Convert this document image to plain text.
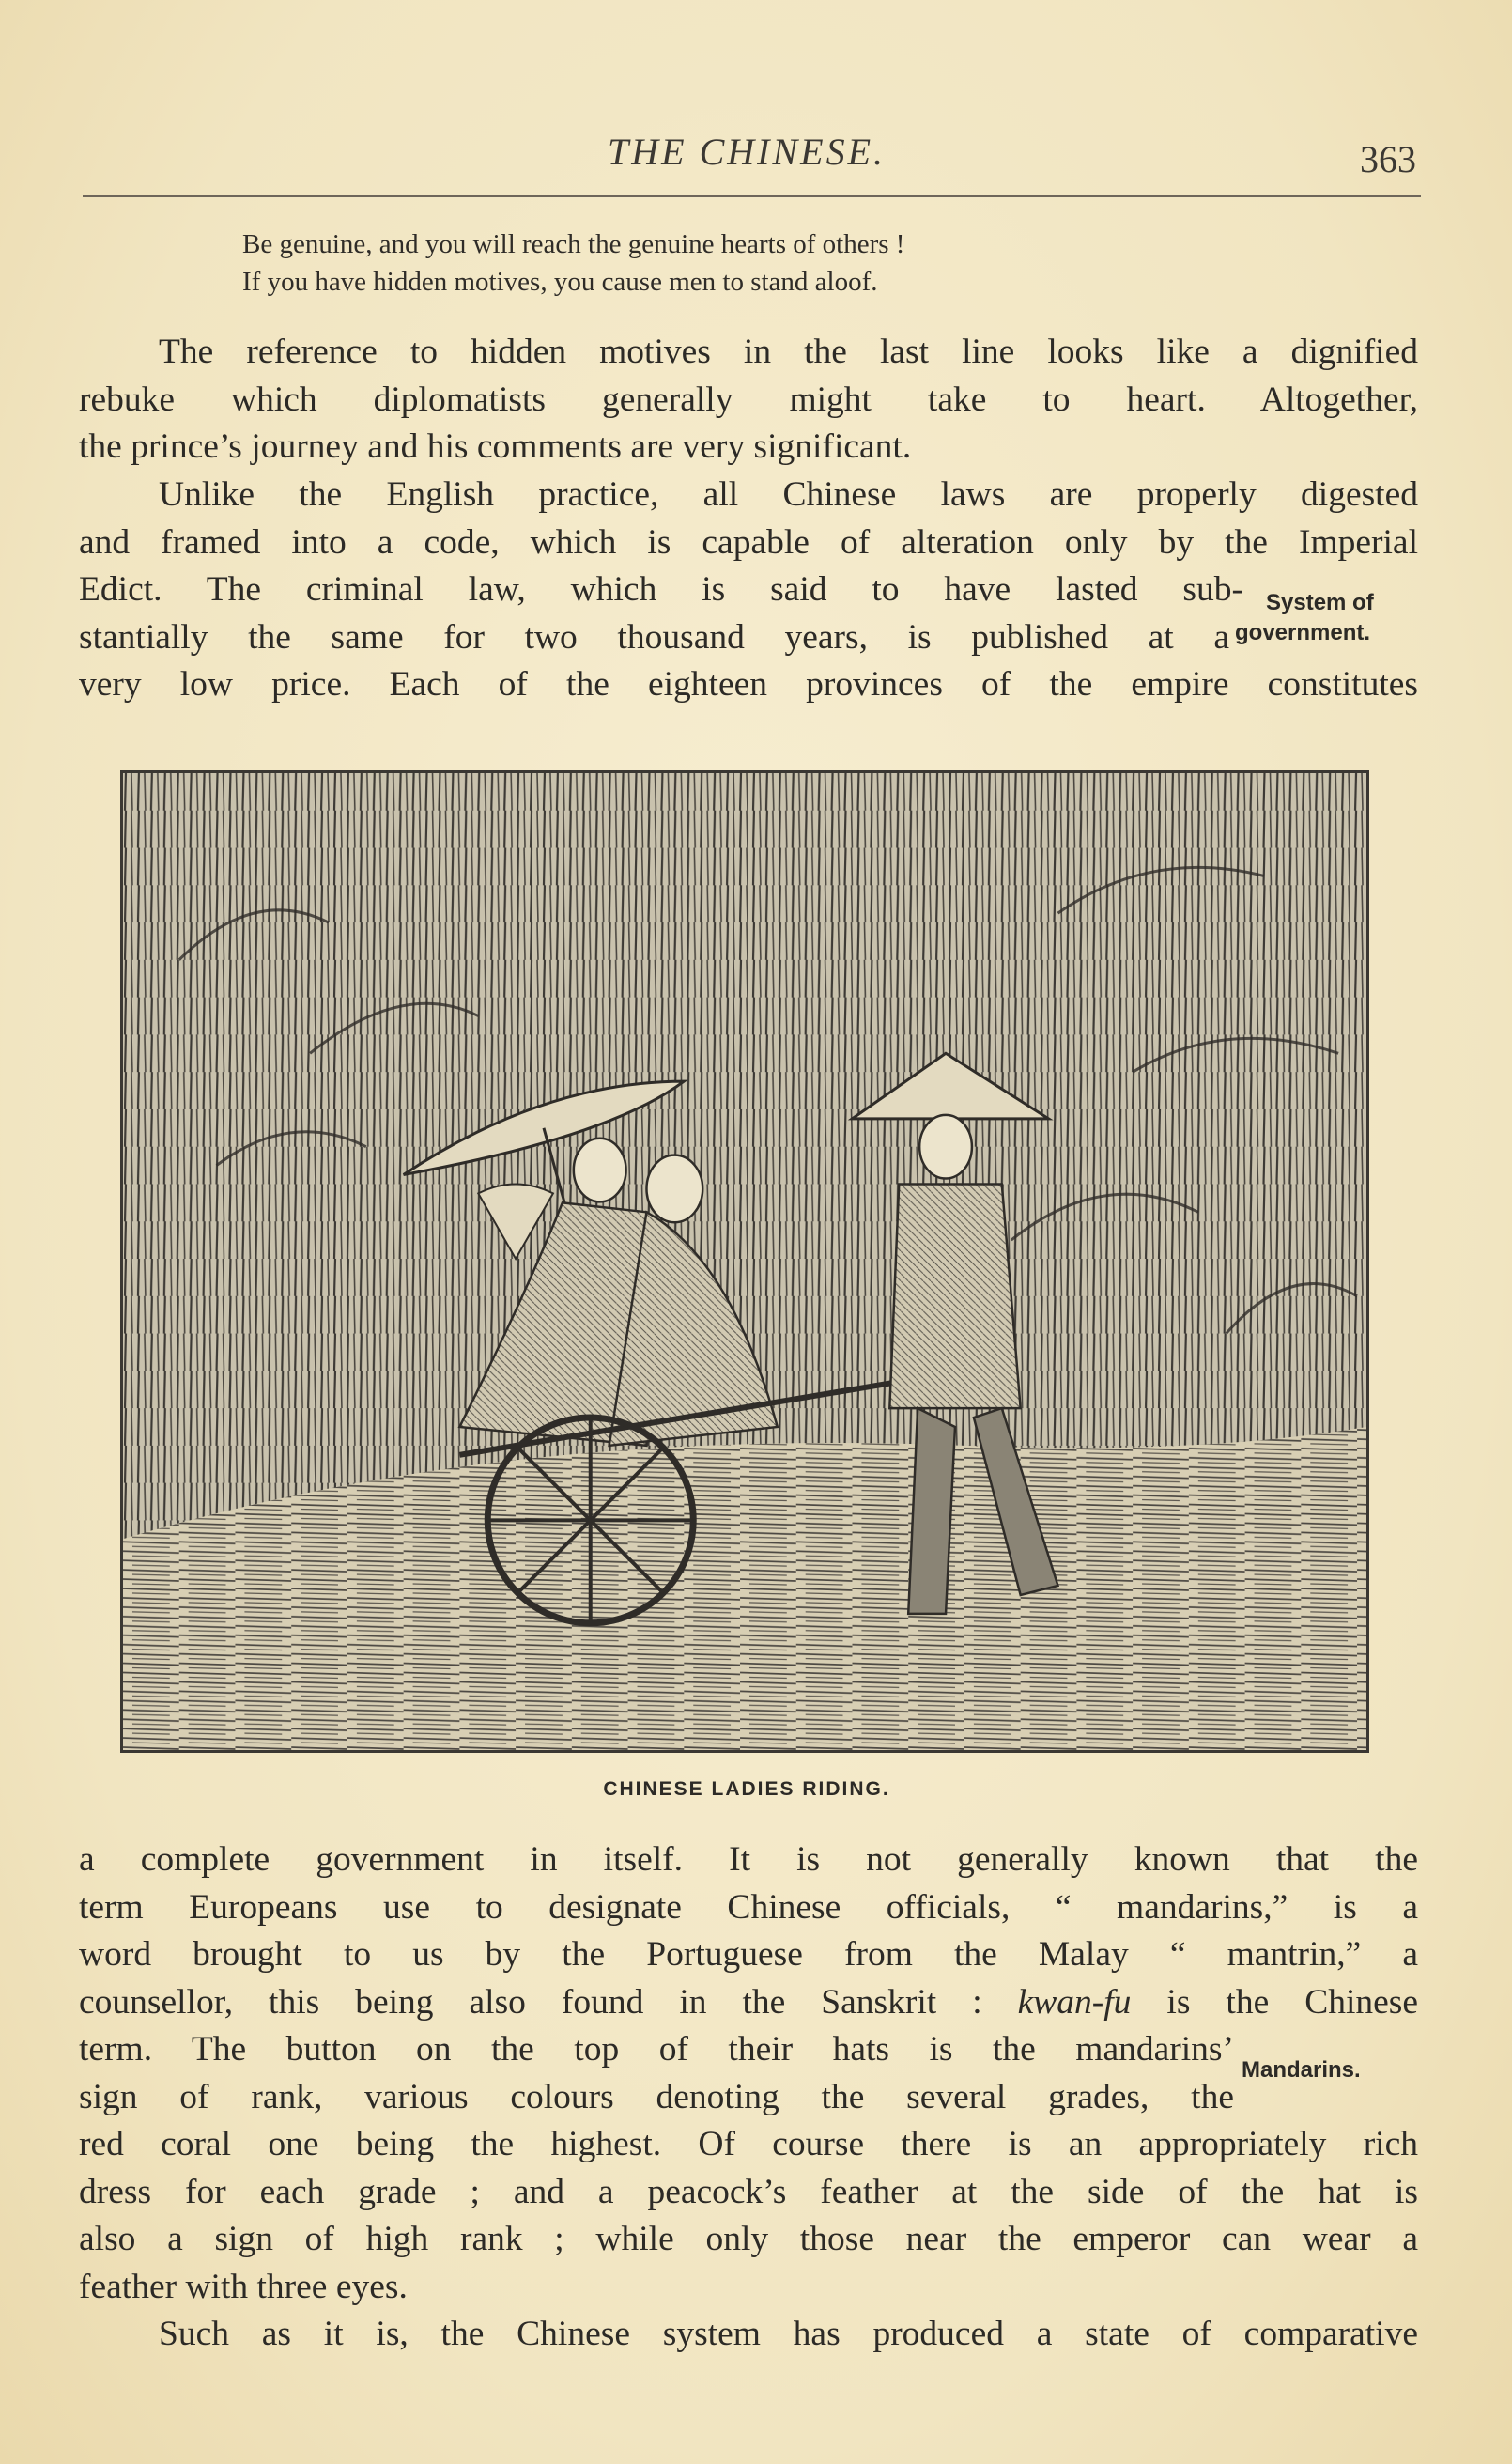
THE CHINESE.	363
Be genuine, and you will reach the genuine hearts of others !
If you have hidden motives, you cause men to stand aloof.
The reference to hidden motives in the last line looks like a dignified
rebuke which diplomatists generally might take to heart. Altogether,
the prince’s journey and his comments are very significant.
Unlike the English practice, all Chinese laws are properly digested
and framed into a code, which is capable of alteration only by the Imperial
Edict. The criminal law, which is said to have lasted sub-
stantially the same for two thousand years, is published at a
very low price. Each of the eighteen provinces of the empire constitutes
System of
government.
CHINESE LADIES RIDING.
a complete government in itself. It is not generally known that the
term Europeans use to designate Chinese officials, “ mandarins,” is a
word brought to us by the Portuguese from the Malay “ mantrin,” a
counsellor, this being also found in the Sanskrit : kwan-fu is the Chinese
term. The button on the top of their hats is the mandarins’
sign of rank, various colours denoting the several grades, the
red coral one being the highest. Of course there is an appropriately rich
dress for each grade ; and a peacock’s feather at the side of the hat is
also a sign of high rank ; while only those near the emperor can wear a
feather with three eyes.
Mandarins.
Such as it is, the Chinese system has produced a state of comparative
